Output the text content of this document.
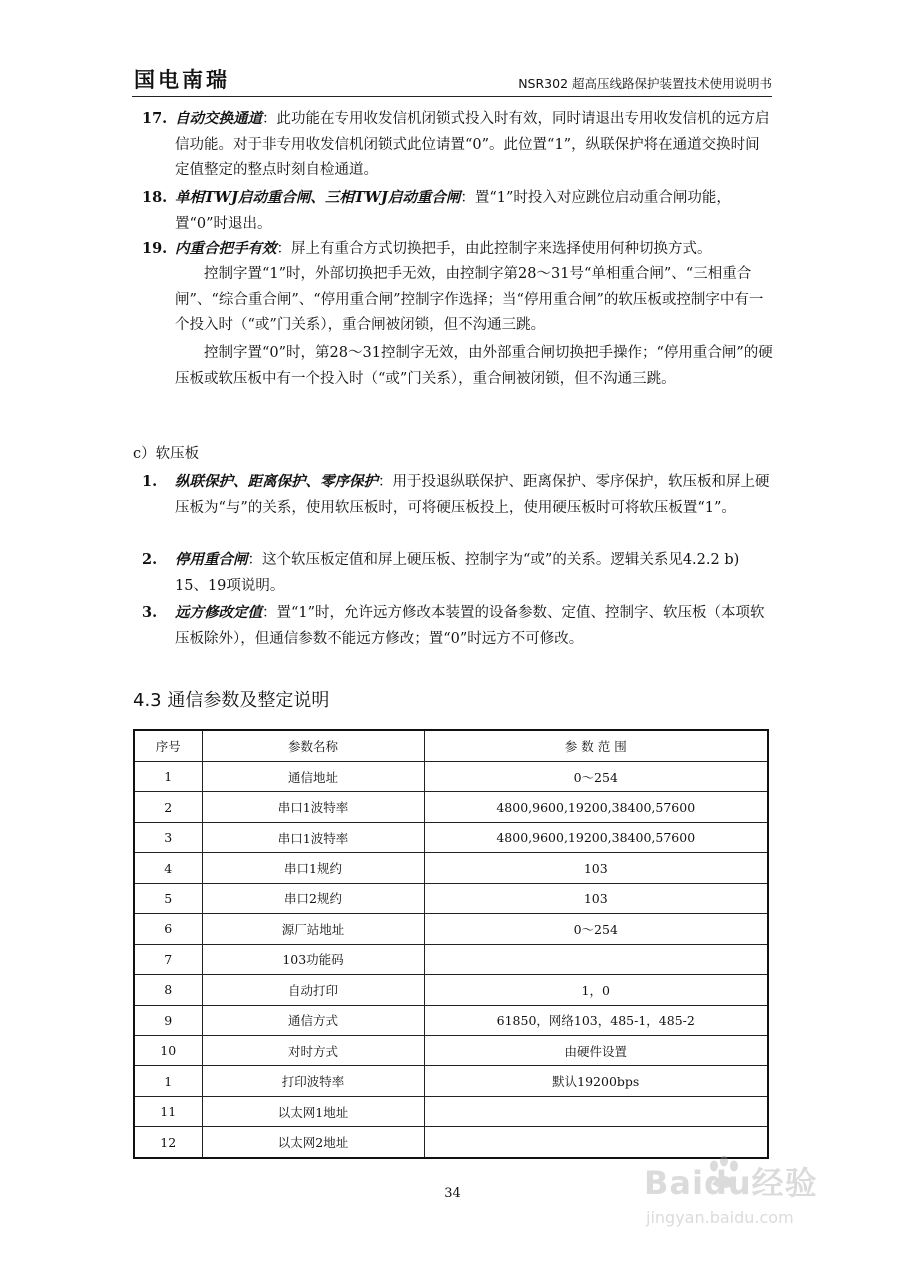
国电南瑞	NSR302 超高压线路保护装置技术使用说明书
17. 自动交换通道：此功能在专用收发信机闭锁式投入时有效，同时请退出专用收发信机的远方启信功能。对于非专用收发信机闭锁式此位请置“0”。此位置“1”，纵联保护将在通道交换时间定值整定的整点时刻自检通道。
18. 单相TWJ启动重合闸、三相TWJ启动重合闸：置“1”时投入对应跳位启动重合闸功能，置“0”时退出。
19. 内重合把手有效：屏上有重合方式切换把手，由此控制字来选择使用何种切换方式。
控制字置“1”时，外部切换把手无效，由控制字第28～31号“单相重合闸”、“三相重合闸”、“综合重合闸”、“停用重合闸”控制字作选择；当“停用重合闸”的软压板或控制字中有一个投入时（“或”门关系），重合闸被闭锁，但不沟通三跳。
控制字置“0”时，第28～31控制字无效，由外部重合闸切换把手操作；“停用重合闸”的硬压板或软压板中有一个投入时（“或”门关系），重合闸被闭锁，但不沟通三跳。
c）软压板
1. 纵联保护、距离保护、零序保护：用于投退纵联保护、距离保护、零序保护，软压板和屏上硬压板为“与”的关系，使用软压板时，可将硬压板投上，使用硬压板时可将软压板置“1”。
2. 停用重合闸：这个软压板定值和屏上硬压板、控制字为“或”的关系。逻辑关系见4.2.2 b) 15、19项说明。
3. 远方修改定值：置“1”时，允许远方修改本装置的设备参数、定值、控制字、软压板（本项软压板除外），但通信参数不能远方修改；置“0”时远方不可修改。
4.3 通信参数及整定说明
序号	参数名称	参 数 范 围
1	通信地址	0～254
2	串口1波特率	4800,9600,19200,38400,57600
3	串口1波特率	4800,9600,19200,38400,57600
4	串口1规约	103
5	串口2规约	103
6	源厂站地址	0～254
7	103功能码	
8	自动打印	1，0
9	通信方式	61850，网络103，485-1，485-2
10	对时方式	由硬件设置
1	打印波特率	默认19200bps
11	以太网1地址	
12	以太网2地址	
34	Baidu经验
jingyan.baidu.com
